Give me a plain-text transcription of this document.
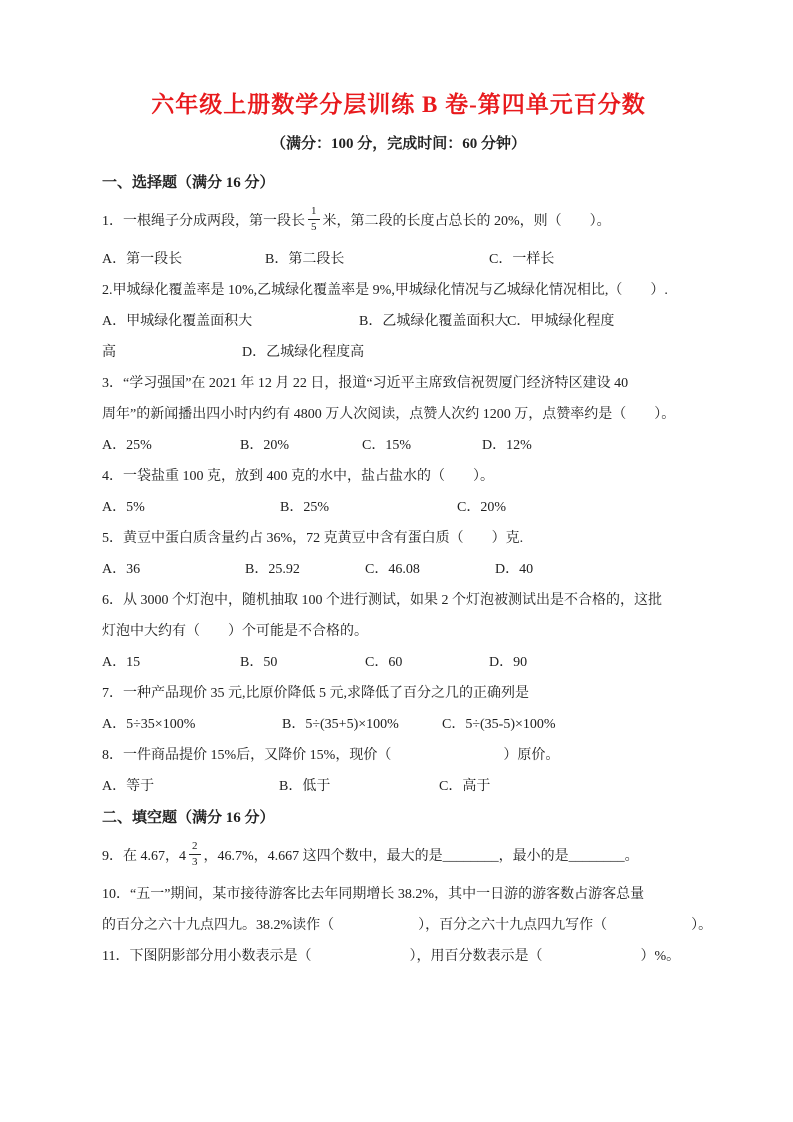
六年级上册数学分层训练 B 卷-第四单元百分数
（满分：100 分，完成时间：60 分钟）
一、选择题（满分 16 分）

1．一根绳子分成两段，第一段长 $\frac{1}{5}$ 米，第二段的长度占总长的 20%，则（　　）。

A．第一段长	B．第二段长	C．一样长

2.甲城绿化覆盖率是 10%,乙城绿化覆盖率是 9%,甲城绿化情况与乙城绿化情况相比,（　　）.

A．甲城绿化覆盖面积大	B．乙城绿化覆盖面积大C．甲城绿化程度

高	D．乙城绿化程度高

3．“学习强国”在 2021 年 12 月 22 日，报道“习近平主席致信祝贺厦门经济特区建设 40

周年”的新闻播出四小时内约有 4800 万人次阅读，点赞人次约 1200 万，点赞率约是（　　）。

A．25%	B．20%	C．15%	D．12%

4．一袋盐重 100 克，放到 400 克的水中，盐占盐水的（　　）。

A．5%	B．25%	C．20%

5．黄豆中蛋白质含量约占 36%，72 克黄豆中含有蛋白质（　　）克.

A．36	B．25.92	C．46.08	D．40

6．从 3000 个灯泡中，随机抽取 100 个进行测试，如果 2 个灯泡被测试出是不合格的，这批

灯泡中大约有（　　）个可能是不合格的。

A．15	B．50	C．60	D．90

7．一种产品现价 35 元,比原价降低 5 元,求降低了百分之几的正确列是

A．5÷35×100%	B．5÷(35+5)×100%	C．5÷(35-5)×100%

8．一件商品提价 15%后，又降价 15%，现价（　　　　　　　　）原价。

A．等于	B．低于	C．高于

二、填空题（满分 16 分）

9．在 4.67，$4 \frac{2}{3}$ ，46.7%，4.667 这四个数中，最大的是________，最小的是________。

10．“五一”期间，某市接待游客比去年同期增长 38.2%，其中一日游的游客数占游客总量

的百分之六十九点四九。38.2%读作（　　　　　　），百分之六十九点四九写作（　　　　　　）。

11．下图阴影部分用小数表示是（　　　　　　　），用百分数表示是（　　　　　　　）%。
